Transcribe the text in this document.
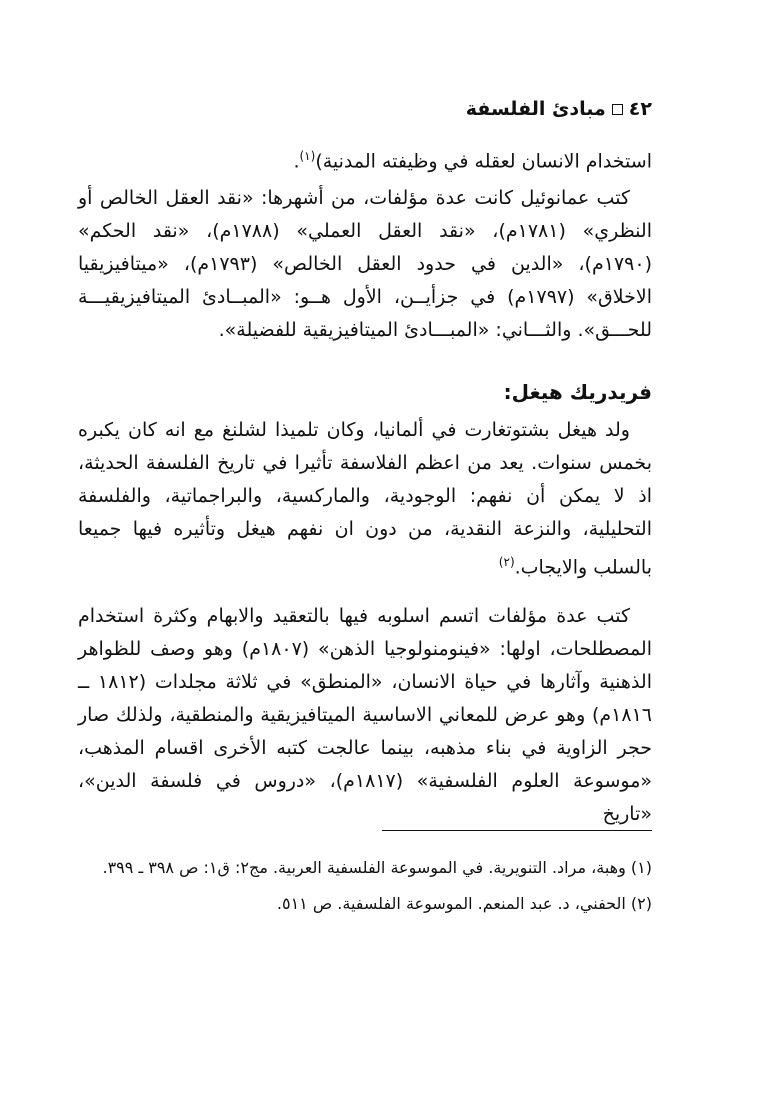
٤٢
مبادئ الفلسفة

استخدام الانسان لعقله في وظيفته المدنية)$^{(١)}$.

كتب عمانوئيل كانت عدة مؤلفات، من أشهرها: «نقد العقل الخالص أو النظري» (١٧٨١م)، «نقد العقل العملي» (١٧٨٨م)، «نقد الحكم» (١٧٩٠م)، «الدين في حدود العقل الخالص» (١٧٩٣م)، «ميتافيزيقيا الاخلاق» (١٧٩٧م) في جزأيــن، الأول هــو: «المبــادئ الميتافيزيقيـــة للحـــق». والثـــاني: «المبـــادئ الميتافيزيقية للفضيلة».

فريدريك هيغل:

ولد هيغل بشتوتغارت في ألمانيا، وكان تلميذا لشلنغ مع انه كان يكبره بخمس سنوات. يعد من اعظم الفلاسفة تأثيرا في تاريخ الفلسفة الحديثة، اذ لا يمكن أن نفهم: الوجودية، والماركسية، والبراجماتية، والفلسفة التحليلية، والنزعة النقدية، من دون ان نفهم هيغل وتأثيره فيها جميعا بالسلب والايجاب.$^{(٢)}$

كتب عدة مؤلفات اتسم اسلوبه فيها بالتعقيد والابهام وكثرة استخدام المصطلحات، اولها: «فينومنولوجيا الذهن» (١٨٠٧م) وهو وصف للظواهر الذهنية وآثارها في حياة الانسان، «المنطق» في ثلاثة مجلدات (١٨١٢ ــ ١٨١٦م) وهو عرض للمعاني الاساسية الميتافيزيقية والمنطقية، ولذلك صار حجر الزاوية في بناء مذهبه، بينما عالجت كتبه الأخرى اقسام المذهب، «موسوعة العلوم الفلسفية» (١٨١٧م)، «دروس في فلسفة الدين»، «تاريخ

(١) وهبة، مراد. التنويرية. في الموسوعة الفلسفية العربية. مج٢: ق١: ص ٣٩٨ ـ ٣٩٩.
(٢) الحفني، د. عبد المنعم. الموسوعة الفلسفية. ص ٥١١.
